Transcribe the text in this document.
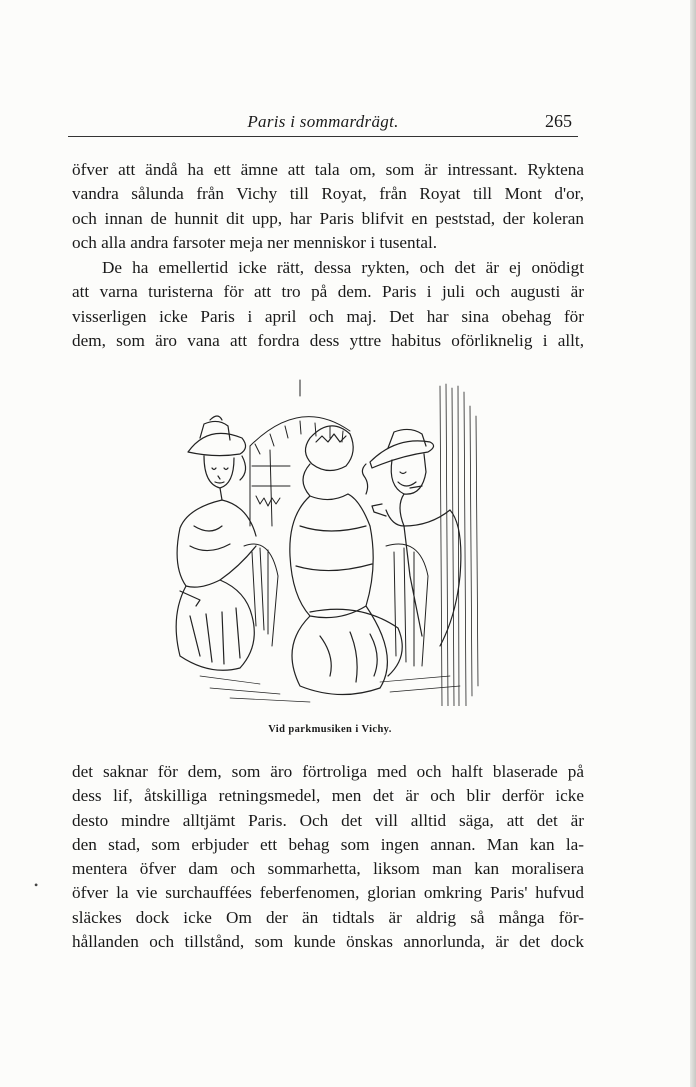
Paris i sommardrägt.	265
öfver att ändå ha ett ämne att tala om, som är intressant. Ryktena
vandra sålunda från Vichy till Royat, från Royat till Mont d'or,
och innan de hunnit dit upp, har Paris blifvit en peststad, der koleran
och alla andra farsoter meja ner menniskor i tusental.
De ha emellertid icke rätt, dessa rykten, och det är ej onödigt
att varna turisterna för att tro på dem. Paris i juli och augusti är
visserligen icke Paris i april och maj. Det har sina obehag för
dem, som äro vana att fordra dess yttre habitus oförliknelig i allt,
Vid parkmusiken i Vichy.
det saknar för dem, som äro förtroliga med och halft blaserade på
dess lif, åtskilliga retningsmedel, men det är och blir derför icke
desto mindre alltjämt Paris. Och det vill alltid säga, att det är
den stad, som erbjuder ett behag som ingen annan. Man kan la-
mentera öfver dam och sommarhetta, liksom man kan moralisera
öfver la vie surchauffées feberfenomen, glorian omkring Paris' hufvud
släckes dock icke Om der än tidtals är aldrig så många för-
hållanden och tillstånd, som kunde önskas annorlunda, är det dock
•
